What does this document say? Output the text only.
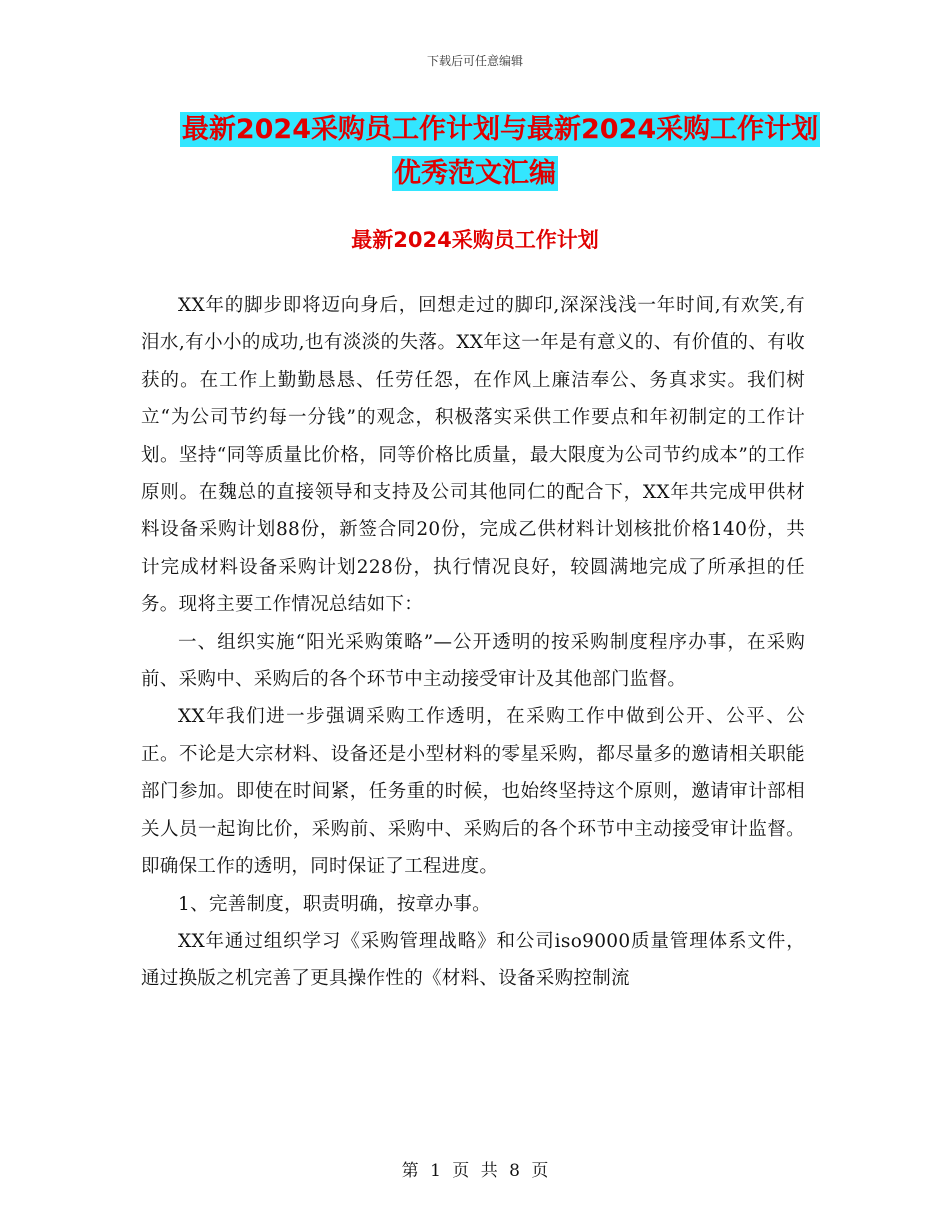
下载后可任意编辑
最新2024采购员工作计划与最新2024采购工作计划
优秀范文汇编
最新2024采购员工作计划

XX年的脚步即将迈向身后，回想走过的脚印,深深浅浅一年时间,有欢笑,有泪水,有小小的成功,也有淡淡的失落。XX年这一年是有意义的、有价值的、有收获的。在工作上勤勤恳恳、任劳任怨，在作风上廉洁奉公、务真求实。我们树立“为公司节约每一分钱”的观念，积极落实采供工作要点和年初制定的工作计划。坚持“同等质量比价格，同等价格比质量，最大限度为公司节约成本”的工作原则。在魏总的直接领导和支持及公司其他同仁的配合下，XX年共完成甲供材料设备采购计划88份，新签合同20份，完成乙供材料计划核批价格140份，共计完成材料设备采购计划228份，执行情况良好，较圆满地完成了所承担的任务。现将主要工作情况总结如下：

一、组织实施“阳光采购策略”—公开透明的按采购制度程序办事，在采购前、采购中、采购后的各个环节中主动接受审计及其他部门监督。

XX年我们进一步强调采购工作透明，在采购工作中做到公开、公平、公正。不论是大宗材料、设备还是小型材料的零星采购，都尽量多的邀请相关职能部门参加。即使在时间紧，任务重的时候，也始终坚持这个原则，邀请审计部相关人员一起询比价，采购前、采购中、采购后的各个环节中主动接受审计监督。即确保工作的透明，同时保证了工程进度。

1、完善制度，职责明确，按章办事。

XX年通过组织学习《采购管理战略》和公司iso9000质量管理体系文件，通过换版之机完善了更具操作性的《材料、设备采购控制流

第 1 页 共 8 页
